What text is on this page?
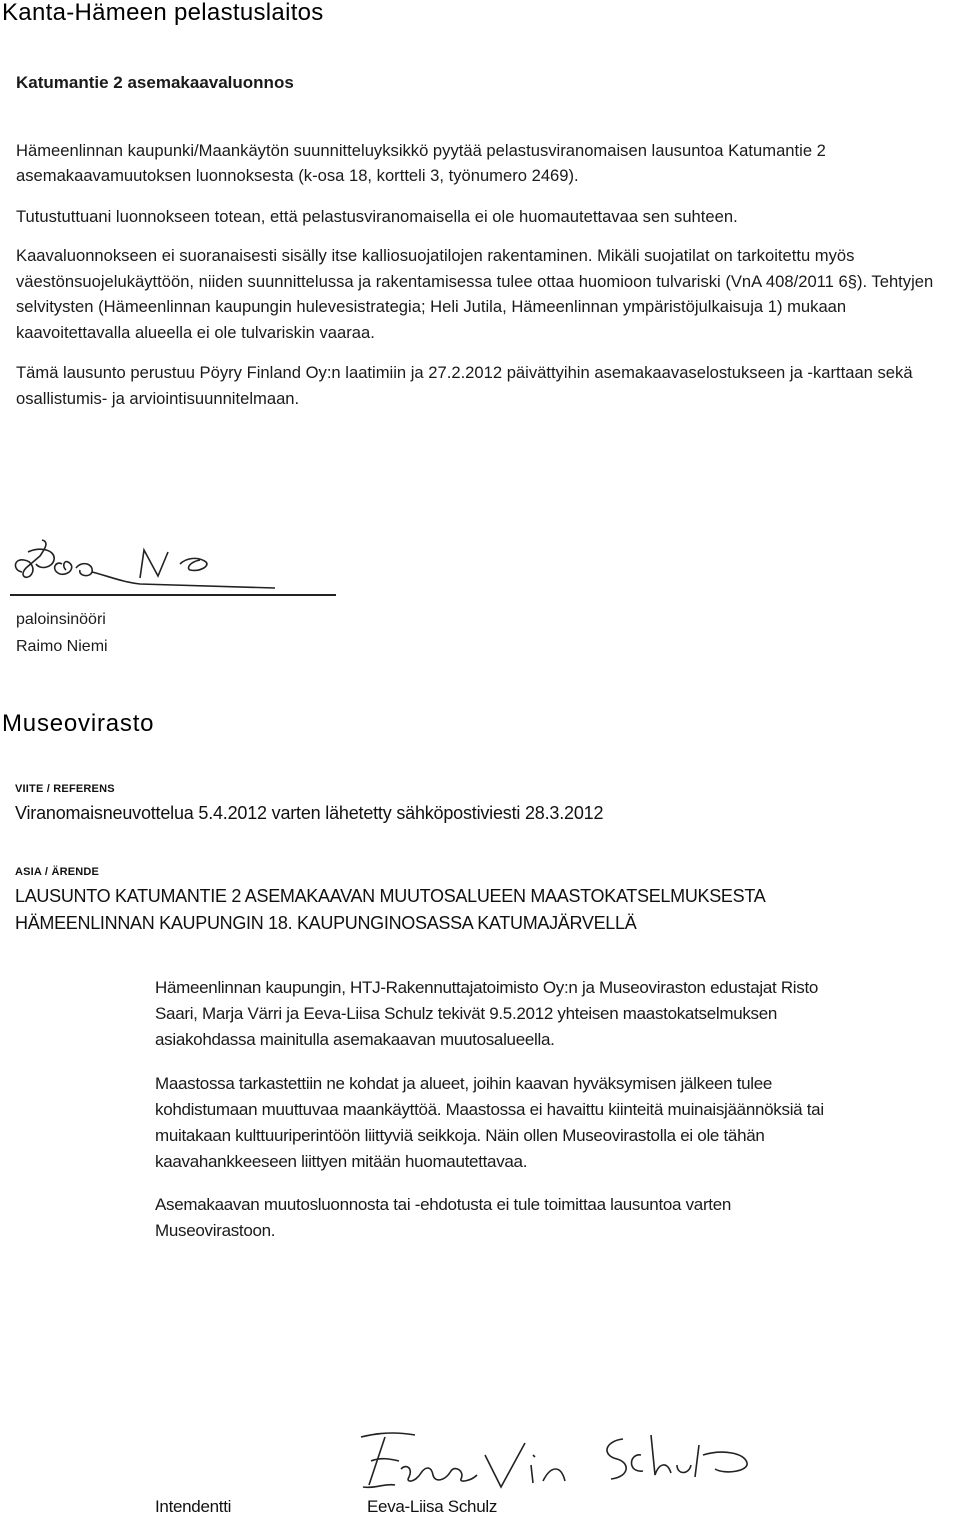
Kanta-Hämeen pelastuslaitos

Katumantie 2 asemakaavaluonnos

Hämeenlinnan kaupunki/Maankäytön suunnitteluyksikkö pyytää pelastusviranomaisen lausuntoa Katumantie 2 asemakaavamuutoksen luonnoksesta (k-osa 18, kortteli 3, työnumero 2469).

Tutustuttuani luonnokseen totean, että pelastusviranomaisella ei ole huomautettavaa sen suhteen.

Kaavaluonnokseen ei suoranaisesti sisälly itse kalliosuojatilojen rakentaminen. Mikäli suojatilat on tarkoitettu myös väestönsuojelukäyttöön, niiden suunnittelussa ja rakentamisessa tulee ottaa huomioon tulvariski (VnA 408/2011 6§). Tehtyjen selvitysten (Hämeenlinnan kaupungin hulevesistrategia; Heli Jutila, Hämeenlinnan ympäristöjulkaisuja 1) mukaan kaavoitettavalla alueella ei ole tulvariskin vaaraa.

Tämä lausunto perustuu Pöyry Finland Oy:n laatimiin ja 27.2.2012 päivättyihin asemakaavaselostukseen ja -karttaan sekä osallistumis- ja arviointisuunnitelmaan.

paloinsinööri
Raimo Niemi
Museovirasto
VIITE / REFERENS
Viranomaisneuvottelua 5.4.2012 varten lähetetty sähköpostiviesti 28.3.2012
ASIA / ÄRENDE
LAUSUNTO KATUMANTIE 2 ASEMAKAAVAN MUUTOSALUEEN MAASTOKATSELMUKSESTA
HÄMEENLINNAN KAUPUNGIN 18. KAUPUNGINOSASSA KATUMAJÄRVELLÄ

Hämeenlinnan kaupungin, HTJ-Rakennuttajatoimisto Oy:n ja Museoviraston edustajat Risto Saari, Marja Värri ja Eeva-Liisa Schulz tekivät 9.5.2012 yhteisen maastokatselmuksen asiakohdassa mainitulla asemakaavan muutosalueella.

Maastossa tarkastettiin ne kohdat ja alueet, joihin kaavan hyväksymisen jälkeen tulee kohdistumaan muuttuvaa maankäyttöä. Maastossa ei havaittu kiinteitä muinaisjäännöksiä tai muitakaan kulttuuriperintöön liittyviä seikkoja. Näin ollen Museovirastolla ei ole tähän kaavahankkeeseen liittyen mitään huomautettavaa.

Asemakaavan muutosluonnosta tai -ehdotusta ei tule toimittaa lausuntoa varten Museovirastoon.

Intendentti	Eeva-Liisa Schulz
